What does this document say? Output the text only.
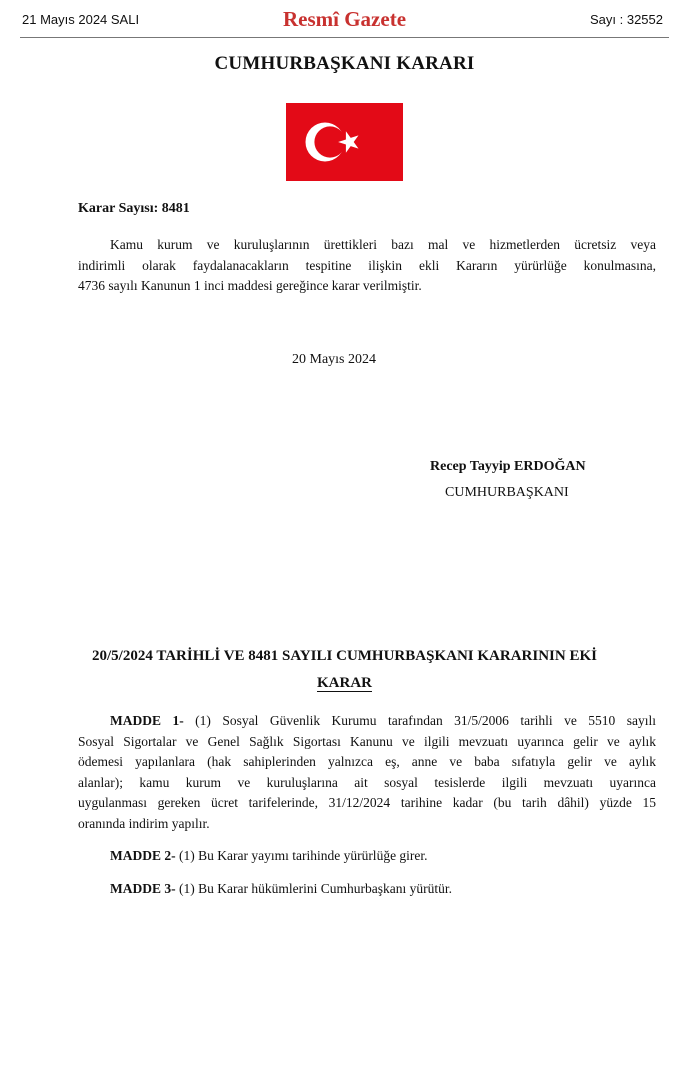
21 Mayıs 2024 SALI	Resmî Gazete	Sayı : 32552
CUMHURBAŞKANI KARARI
Karar Sayısı: 8481
Kamu kurum ve kuruluşlarının ürettikleri bazı mal ve hizmetlerden ücretsiz veya
indirimli olarak faydalanacakların tespitine ilişkin ekli Kararın yürürlüğe konulmasına,
4736 sayılı Kanunun 1 inci maddesi gereğince karar verilmiştir.
20 Mayıs 2024
Recep Tayyip ERDOĞAN
CUMHURBAŞKANI
20/5/2024 TARİHLİ VE 8481 SAYILI CUMHURBAŞKANI KARARININ EKİ
KARAR
MADDE 1- (1) Sosyal Güvenlik Kurumu tarafından 31/5/2006 tarihli ve 5510 sayılı
Sosyal Sigortalar ve Genel Sağlık Sigortası Kanunu ve ilgili mevzuatı uyarınca gelir ve aylık
ödemesi yapılanlara (hak sahiplerinden yalnızca eş, anne ve baba sıfatıyla gelir ve aylık
alanlar); kamu kurum ve kuruluşlarına ait sosyal tesislerde ilgili mevzuatı uyarınca
uygulanması gereken ücret tarifelerinde, 31/12/2024 tarihine kadar (bu tarih dâhil) yüzde 15
oranında indirim yapılır.
MADDE 2- (1) Bu Karar yayımı tarihinde yürürlüğe girer.
MADDE 3- (1) Bu Karar hükümlerini Cumhurbaşkanı yürütür.
